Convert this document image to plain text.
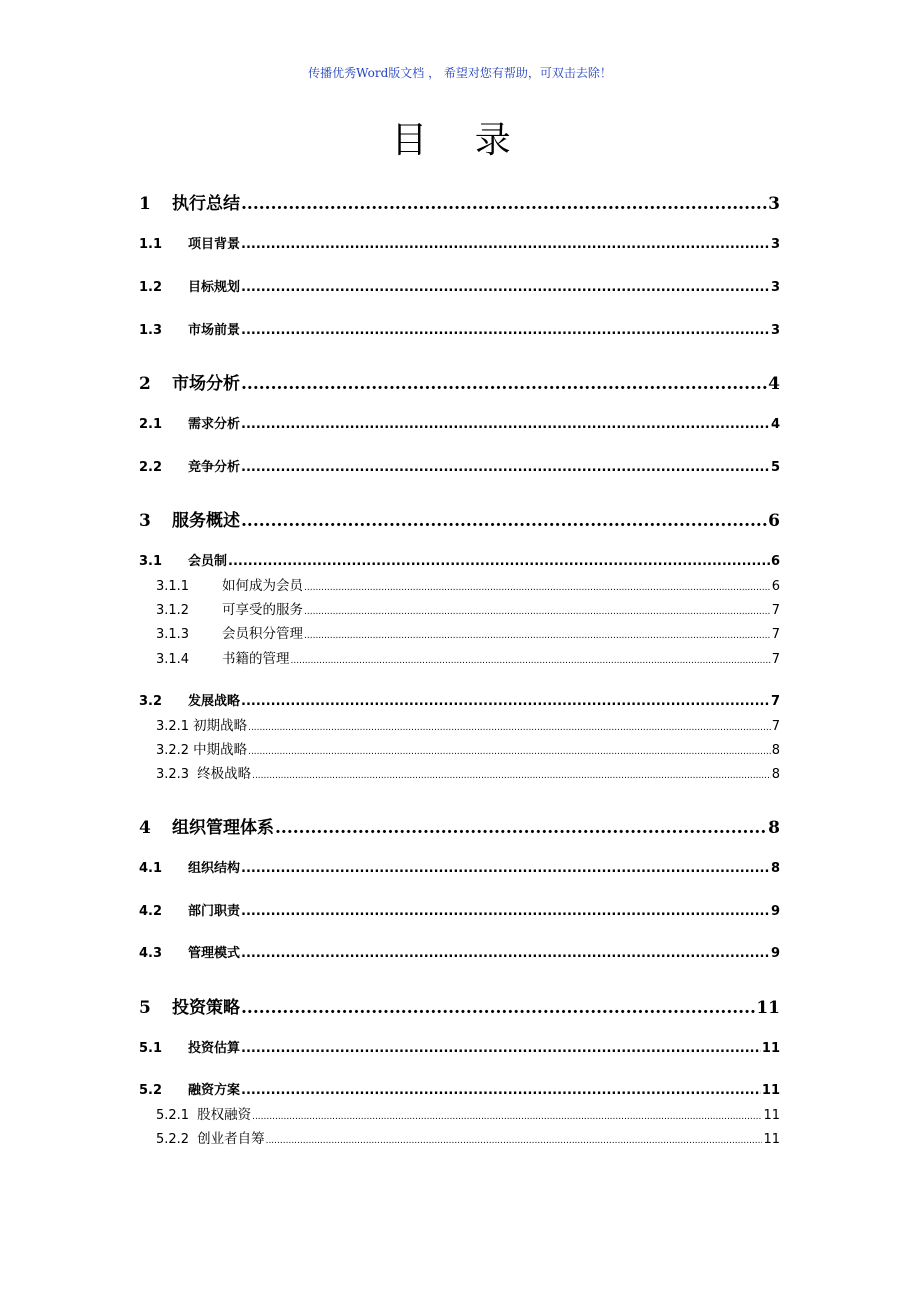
传播优秀Word版文档 ， 希望对您有帮助，可双击去除！
目 录
1	执行总结 .....	3
1.1	项目背景 .....	3
1.2	目标规划 .....	3
1.3	市场前景 .....	3
2	市场分析 .....	4
2.1	需求分析 .....	4
2.2	竞争分析 .....	5
3	服务概述 .....	6
3.1	会员制 .....	6
3.1.1	如何成为会员 .....	6
3.1.2	可享受的服务 .....	7
3.1.3	会员积分管理 .....	7
3.1.4	书籍的管理 .....	7
3.2	发展战略 .....	7
3.2.1 初期战略 .....	7
3.2.2 中期战略 .....	8
3.2.3 终极战略 .....	8
4	组织管理体系 .....	8
4.1	组织结构 .....	8
4.2	部门职责 .....	9
4.3	管理模式 .....	9
5	投资策略 .....	11
5.1	投资估算 .....	11
5.2	融资方案 .....	11
5.2.1 股权融资 .....	11
5.2.2 创业者自筹 .....	11
